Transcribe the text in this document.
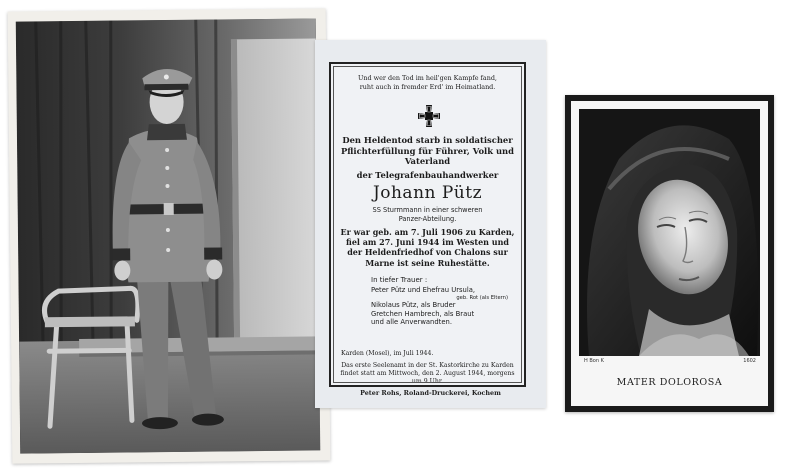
Und wer den Tod im heil'gen Kampfe fand,
ruht auch in fremder Erd' im Heimatland.
Den Heldentod starb in soldatischer Pflichterfüllung für Führer, Volk und Vaterland
der Telegrafenbauhandwerker
Johann Pütz
SS Sturmmann in einer schweren
Panzer-Abteilung.
Er war geb. am 7. Juli 1906 zu Karden, fiel am 27. Juni 1944 im Westen und der Heldenfriedhof von Chalons sur Marne ist seine Ruhestätte.
In tiefer Trauer :
Peter Pütz und Ehefrau Ursula,
geb. Rot (als Eltern)
Nikolaus Pütz, als Bruder
Gretchen Hambrech, als Braut
und alle Anverwandten.
Karden (Mosel), im Juli 1944.
Das erste Seelenamt in der St. Kastorkirche zu Karden findet statt am Mittwoch, den 2. August 1944, morgens um 9 Uhr.
Peter Rohs, Roland-Druckerei, Kochem
H Bon K	1602
MATER DOLOROSA
